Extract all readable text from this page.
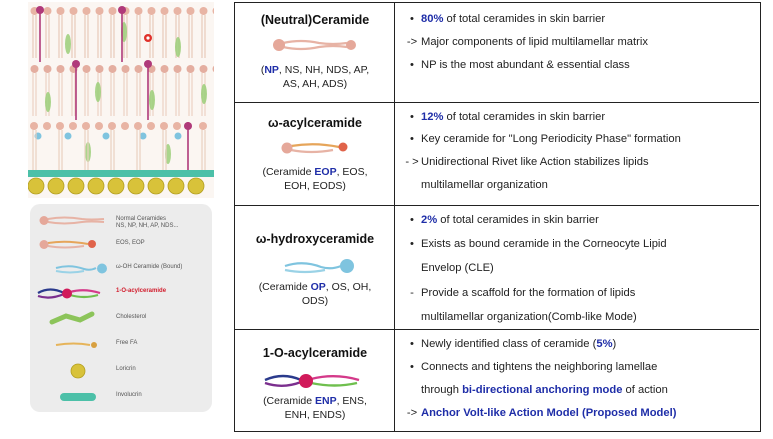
Normal Ceramides
NS, NP, NH, AP, NDS...
EOS, EOP
ω-OH Ceramide (Bound)
1-O-acylceramide
Cholesterol
Free FA
Loricrin
Involucrin
(Neutral)Ceramide
(NP, NS, NH, NDS, AP,
AS, AH, ADS)
• 80% of total ceramides in skin barrier
-> Major components of lipid multilamellar matrix
• NP is the most abundant & essential class
ω-acylceramide
(Ceramide EOP, EOS,
EOH, EODS)
• 12% of total ceramides in skin barrier
• Key ceramide for "Long Periodicity Phase" formation
- > Unidirectional Rivet like Action stabilizes lipids
multilamellar organization
ω-hydroxyceramide
(Ceramide OP, OS, OH,
ODS)
• 2% of total ceramides in skin barrier
• Exists as bound ceramide in the Corneocyte Lipid
Envelop (CLE)
- Provide a scaffold for the formation of lipids
multilamellar organization(Comb-like Mode)
1-O-acylceramide
(Ceramide ENP, ENS,
ENH, ENDS)
• Newly identified class of ceramide (5%)
• Connects and tightens the neighboring lamellae
through bi-directional anchoring mode of action
-> Anchor Volt-like Action Model (Proposed Model)
